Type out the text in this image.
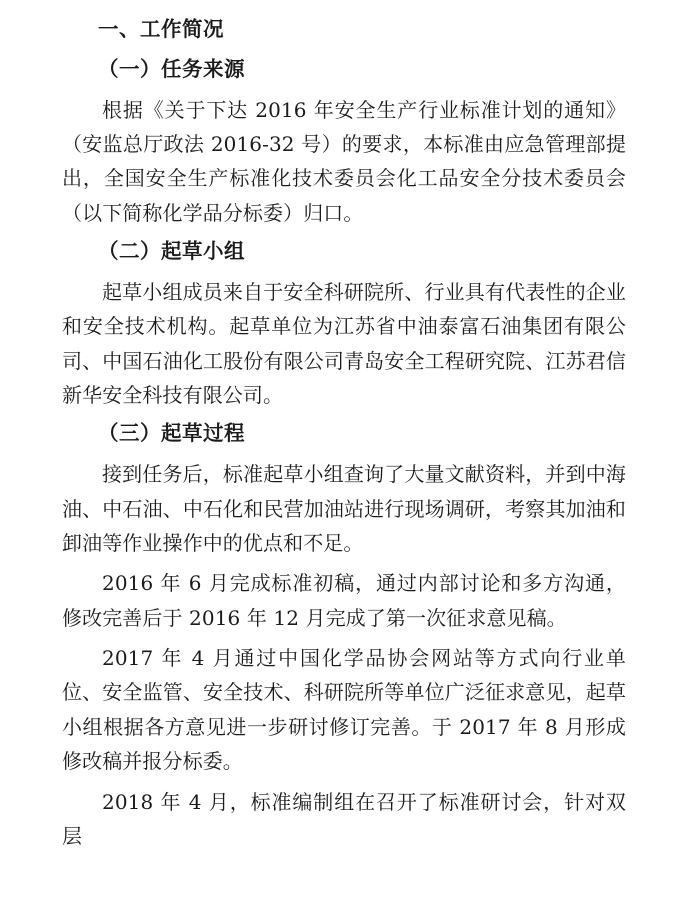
一、工作简况
（一）任务来源

根据《关于下达 2016 年安全生产行业标准计划的通知》（安监总厅政法 2016-32 号）的要求，本标准由应急管理部提出，全国安全生产标准化技术委员会化工品安全分技术委员会（以下简称化学品分标委）归口。

（二）起草小组

起草小组成员来自于安全科研院所、行业具有代表性的企业和安全技术机构。起草单位为江苏省中油泰富石油集团有限公司、中国石油化工股份有限公司青岛安全工程研究院、江苏君信新华安全科技有限公司。

（三）起草过程

接到任务后，标准起草小组查询了大量文献资料，并到中海油、中石油、中石化和民营加油站进行现场调研，考察其加油和卸油等作业操作中的优点和不足。

2016 年 6 月完成标准初稿，通过内部讨论和多方沟通，修改完善后于 2016 年 12 月完成了第一次征求意见稿。

2017 年 4 月通过中国化学品协会网站等方式向行业单位、安全监管、安全技术、科研院所等单位广泛征求意见，起草小组根据各方意见进一步研讨修订完善。于 2017 年 8 月形成修改稿并报分标委。

2018 年 4 月，标准编制组在召开了标准研讨会，针对双层
